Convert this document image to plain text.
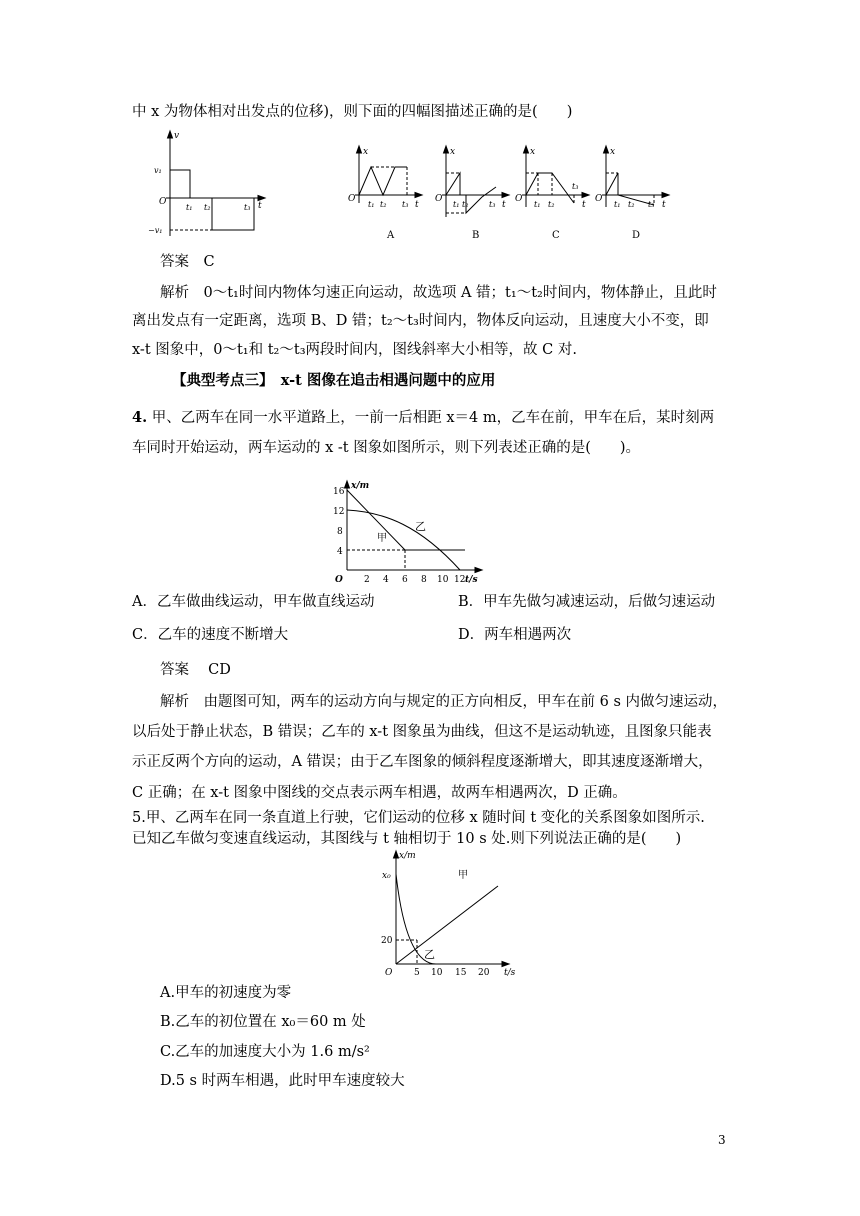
中 x 为物体相对出发点的位移)，则下面的四幅图描述正确的是(　　)
v
t
O
v₁
−v₁
t₁ t₂	t₃
x
t
O
t₁ t₂ t₃
A
x
t
O
t₁ t₂	t₃
B
x
t
O
t₁ t₂
t₃
C
x
t
O
t₁ t₂ t₃
D
答案　C
解析　0～t₁时间内物体匀速正向运动，故选项 A 错；t₁～t₂时间内，物体静止，且此时
离出发点有一定距离，选项 B、D 错；t₂～t₃时间内，物体反向运动，且速度大小不变，即
x-t 图象中，0～t₁和 t₂～t₃两段时间内，图线斜率大小相等，故 C 对.
【典型考点三】　x-t 图像在追击相遇问题中的应用
4. 甲、乙两车在同一水平道路上，一前一后相距 x＝4 m，乙车在前，甲车在后，某时刻两
车同时开始运动，两车运动的 x -t 图象如图所示，则下列表述正确的是(　　)。
x/m
t/s
O
16
12
8
4
2 4 6 8 10 12
甲
乙
A．乙车做曲线运动，甲车做直线运动	B．甲车先做匀减速运动，后做匀速运动
C．乙车的速度不断增大	D．两车相遇两次
答案　 CD
解析　由题图可知，两车的运动方向与规定的正方向相反，甲车在前 6 s 内做匀速运动，
以后处于静止状态，B 错误；乙车的 x-t 图象虽为曲线，但这不是运动轨迹，且图象只能表
示正反两个方向的运动，A 错误；由于乙车图象的倾斜程度逐渐增大，即其速度逐渐增大，
C 正确；在 x-t 图象中图线的交点表示两车相遇，故两车相遇两次，D 正确。
5.甲、乙两车在同一条直道上行驶，它们运动的位移 x 随时间 t 变化的关系图象如图所示.
已知乙车做匀变速直线运动，其图线与 t 轴相切于 10 s 处.则下列说法正确的是(　　)
x/m
t/s
O
x₀
20
5 10 15 20
甲
乙
A.甲车的初速度为零
B.乙车的初位置在 x₀＝60 m 处
C.乙车的加速度大小为 1.6 m/s²
D.5 s 时两车相遇，此时甲车速度较大
3
